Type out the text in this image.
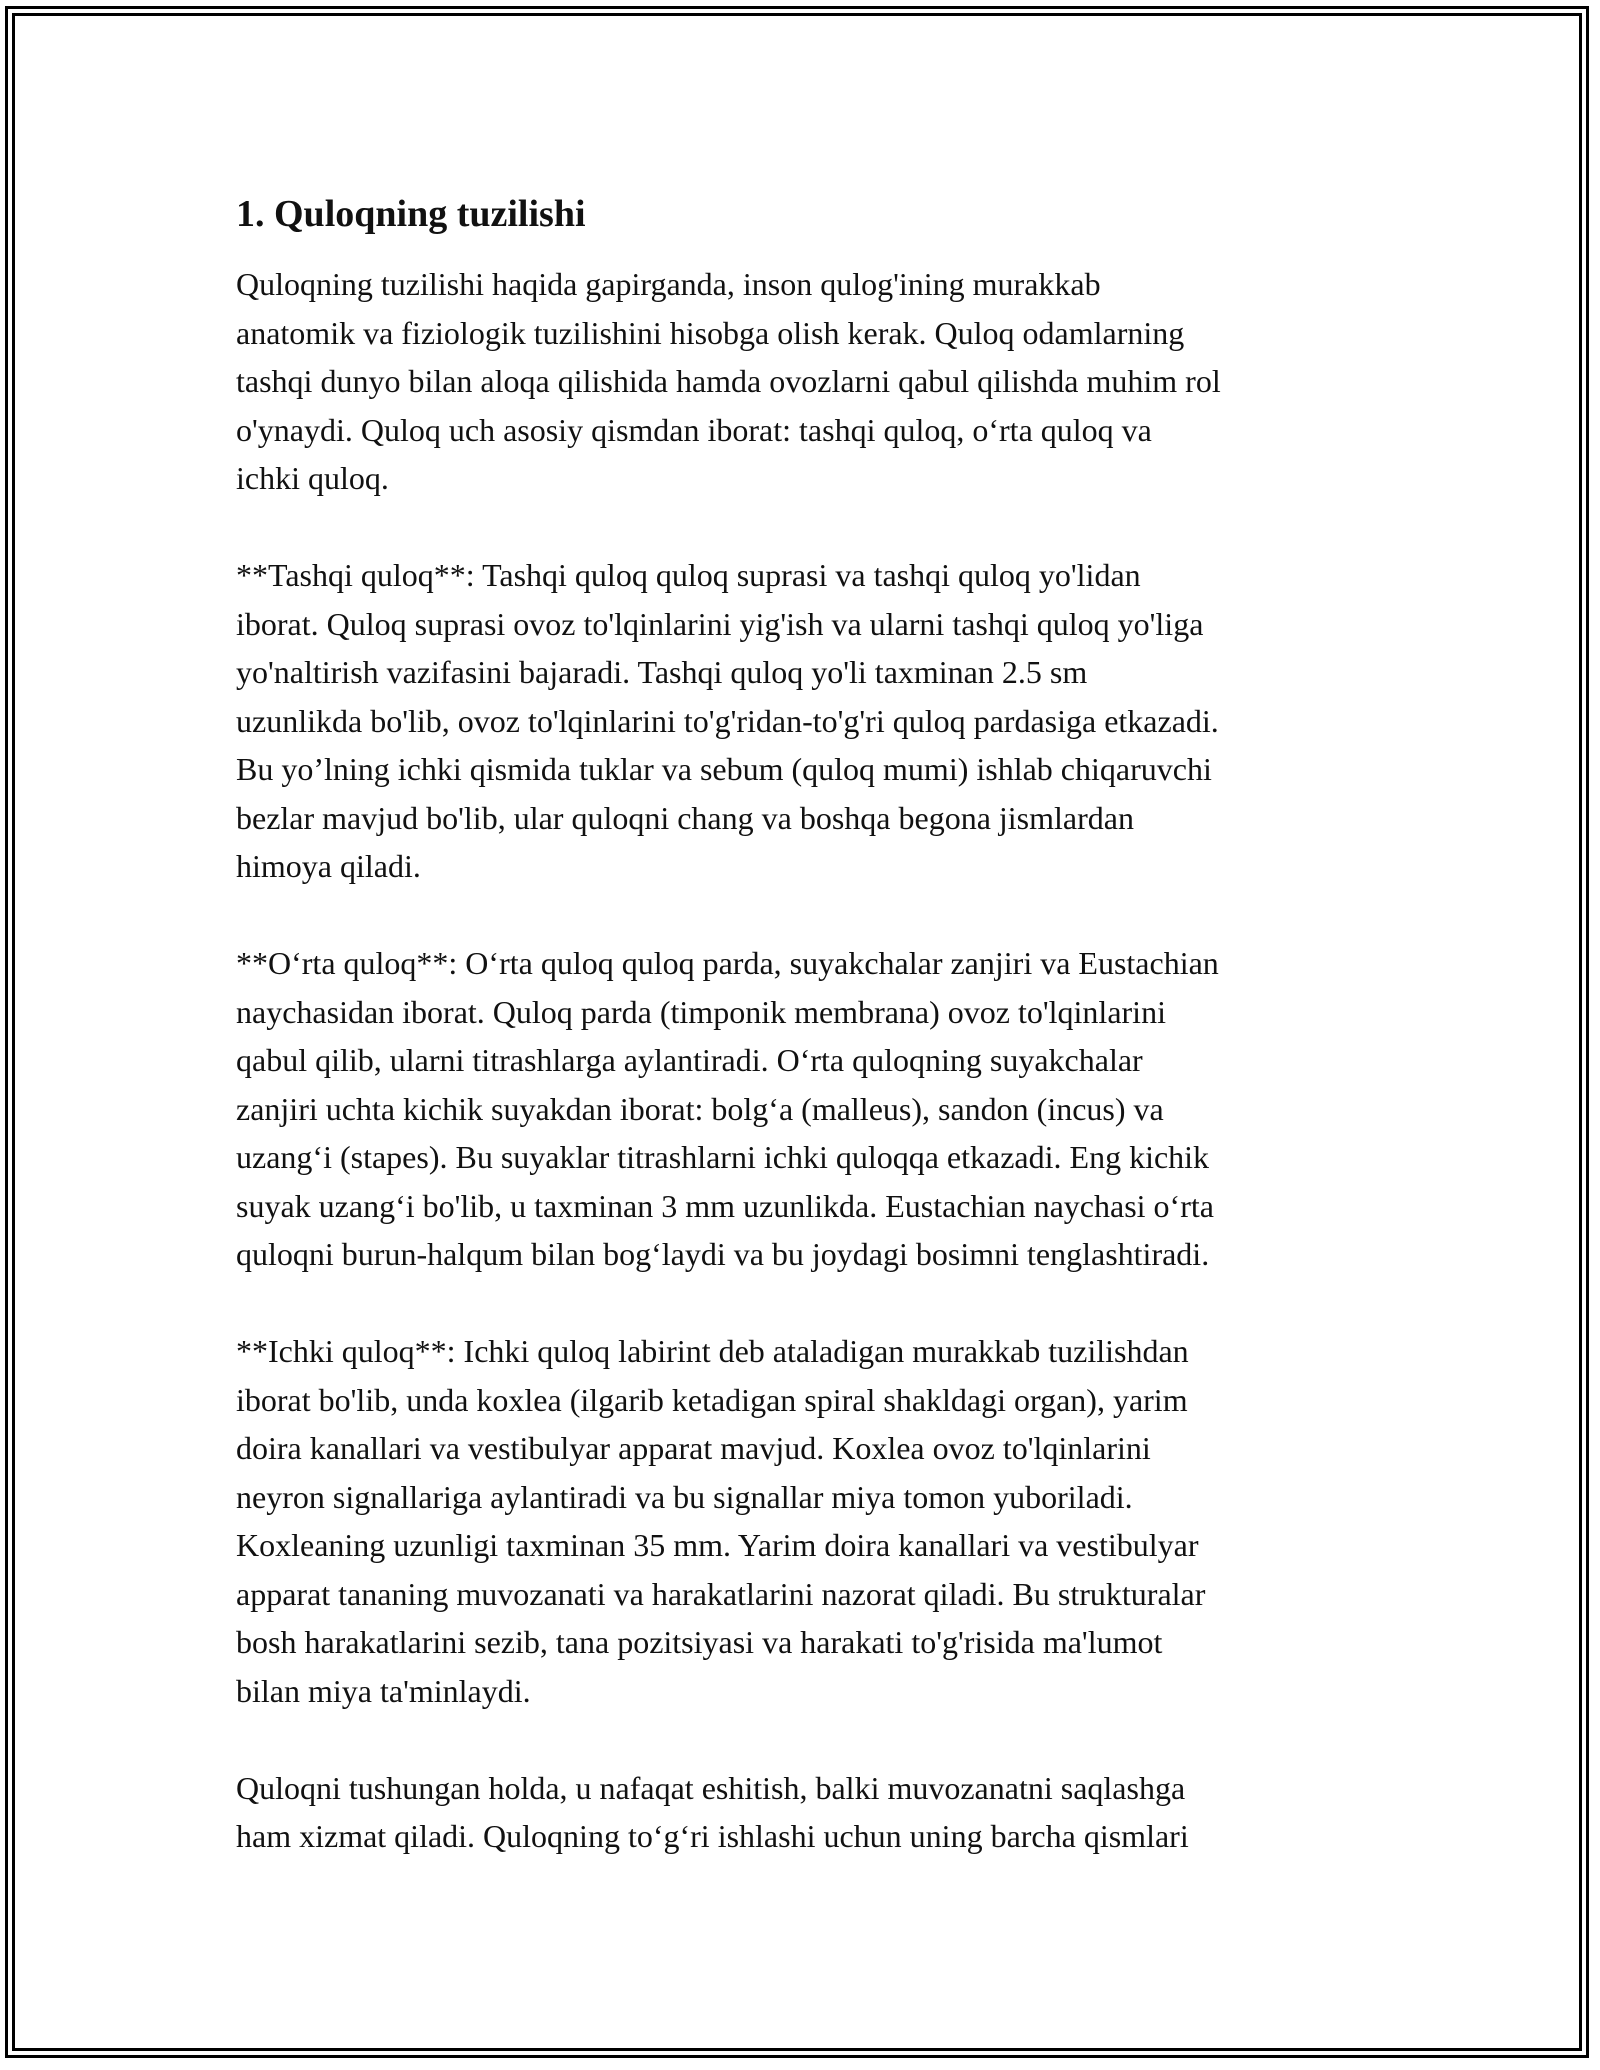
1. Quloqning tuzilishi

Quloqning tuzilishi haqida gapirganda, inson qulog'ining murakkab
anatomik va fiziologik tuzilishini hisobga olish kerak. Quloq odamlarning
tashqi dunyo bilan aloqa qilishida hamda ovozlarni qabul qilishda muhim rol
o'ynaydi. Quloq uch asosiy qismdan iborat: tashqi quloq, o‘rta quloq va
ichki quloq.

**Tashqi quloq**: Tashqi quloq quloq suprasi va tashqi quloq yo'lidan
iborat. Quloq suprasi ovoz to'lqinlarini yig'ish va ularni tashqi quloq yo'liga
yo'naltirish vazifasini bajaradi. Tashqi quloq yo'li taxminan 2.5 sm
uzunlikda bo'lib, ovoz to'lqinlarini to'g'ridan-to'g'ri quloq pardasiga etkazadi.
Bu yo’lning ichki qismida tuklar va sebum (quloq mumi) ishlab chiqaruvchi
bezlar mavjud bo'lib, ular quloqni chang va boshqa begona jismlardan
himoya qiladi.

**O‘rta quloq**: O‘rta quloq quloq parda, suyakchalar zanjiri va Eustachian
naychasidan iborat. Quloq parda (timponik membrana) ovoz to'lqinlarini
qabul qilib, ularni titrashlarga aylantiradi. O‘rta quloqning suyakchalar
zanjiri uchta kichik suyakdan iborat: bolg‘a (malleus), sandon (incus) va
uzang‘i (stapes). Bu suyaklar titrashlarni ichki quloqqa etkazadi. Eng kichik
suyak uzang‘i bo'lib, u taxminan 3 mm uzunlikda. Eustachian naychasi o‘rta
quloqni burun-halqum bilan bog‘laydi va bu joydagi bosimni tenglashtiradi.

**Ichki quloq**: Ichki quloq labirint deb ataladigan murakkab tuzilishdan
iborat bo'lib, unda koxlea (ilgarib ketadigan spiral shakldagi organ), yarim
doira kanallari va vestibulyar apparat mavjud. Koxlea ovoz to'lqinlarini
neyron signallariga aylantiradi va bu signallar miya tomon yuboriladi.
Koxleaning uzunligi taxminan 35 mm. Yarim doira kanallari va vestibulyar
apparat tananing muvozanati va harakatlarini nazorat qiladi. Bu strukturalar
bosh harakatlarini sezib, tana pozitsiyasi va harakati to'g'risida ma'lumot
bilan miya ta'minlaydi.

Quloqni tushungan holda, u nafaqat eshitish, balki muvozanatni saqlashga
ham xizmat qiladi. Quloqning to‘g‘ri ishlashi uchun uning barcha qismlari
